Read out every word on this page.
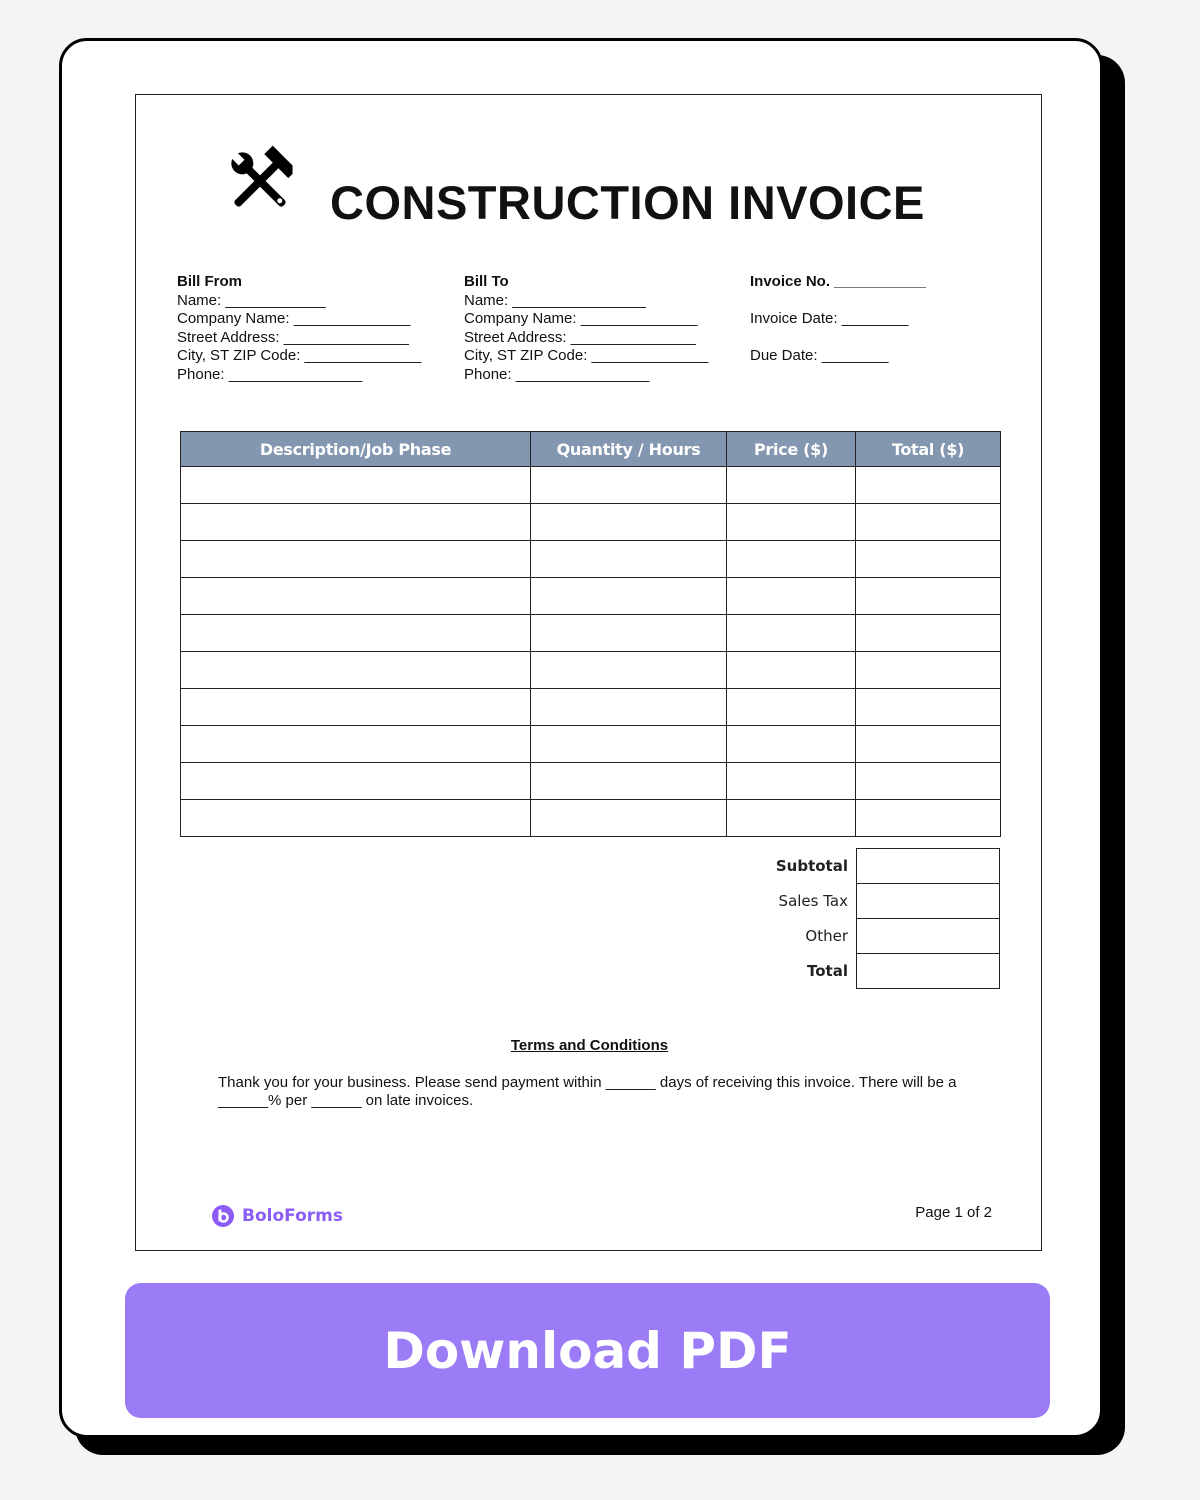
CONSTRUCTION INVOICE
Bill From
Name: ____________
Company Name: ______________
Street Address: _______________
City, ST ZIP Code: ______________
Phone: ________________
Bill To
Name: ________________
Company Name: ______________
Street Address: _______________
City, ST ZIP Code: ______________
Phone: ________________
Invoice No. ___________
Invoice Date: ________
Due Date: ________
Description/Job Phase	Quantity / Hours	Price ($)	Total ($)

Subtotal	
Sales Tax	
Other	
Total	
Terms and Conditions
Thank you for your business. Please send payment within ______ days of receiving this invoice. There will be a ______% per ______ on late invoices.
BoloForms	Page 1 of 2
Download PDF
